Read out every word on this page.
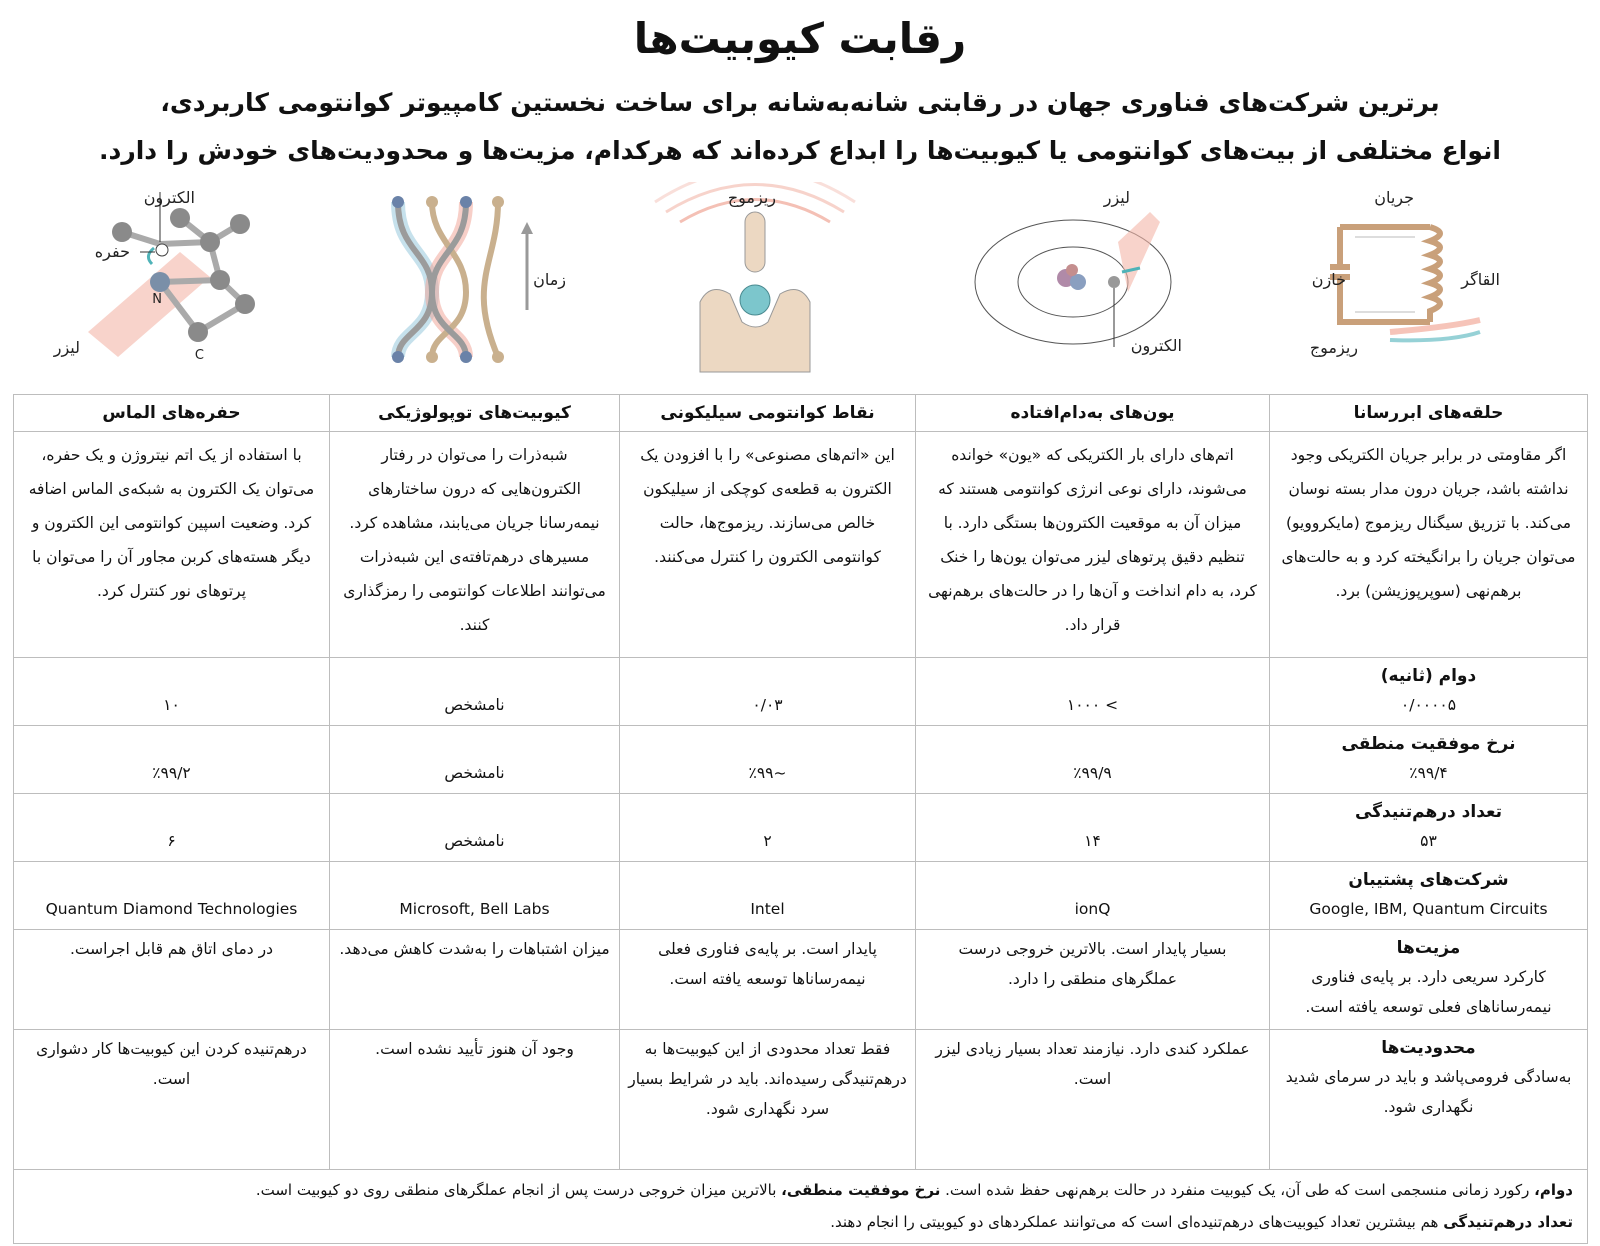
رقابت کیوبیت‌ها
برترین شرکت‌های فناوری جهان در رقابتی شانه‌به‌شانه برای ساخت نخستین کامپیوتر کوانتومی کاربردی،
انواع مختلفی از بیت‌های کوانتومی یا کیوبیت‌ها را ابداع کرده‌اند که هرکدام، مزیت‌ها و محدودیت‌های خودش را دارد.
الکترون
حفره
لیزر
N
C
زمان
ریزموج	لیزر
الکترون
جریان
خازن	القاگر
ریزموج
حلقه‌های ابررسانا	یون‌های به‌دام‌افتاده	نقاط کوانتومی سیلیکونی	کیوبیت‌های توپولوژیکی	حفره‌های الماس
اگر مقاومتی در برابر جریان الکتریکی وجود نداشته باشد، جریان درون مدار بسته نوسان می‌کند. با تزریق سیگنال ریزموج (مایکروویو) می‌توان جریان را برانگیخته کرد و به حالت‌های برهم‌نهی (سوپرپوزیشن) برد.	اتم‌های دارای بار الکتریکی که «یون» خوانده می‌شوند، دارای نوعی انرژی کوانتومی هستند که میزان آن به موقعیت الکترون‌ها بستگی دارد. با تنظیم دقیق پرتوهای لیزر می‌توان یون‌ها را خنک کرد، به دام انداخت و آن‌ها را در حالت‌های برهم‌نهی قرار داد.	این «اتم‌های مصنوعی» را با افزودن یک الکترون به قطعه‌ی کوچکی از سیلیکون خالص می‌سازند. ریزموج‌ها، حالت کوانتومی الکترون را کنترل می‌کنند.	شبه‌ذرات را می‌توان در رفتار الکترون‌هایی که درون ساختارهای نیمه‌رسانا جریان می‌یابند، مشاهده کرد. مسیرهای درهم‌تافته‌ی این شبه‌ذرات می‌توانند اطلاعات کوانتومی را رمزگذاری کنند.	با استفاده از یک اتم نیتروژن و یک حفره، می‌توان یک الکترون به شبکه‌ی الماس اضافه کرد. وضعیت اسپین کوانتومی این الکترون و دیگر هسته‌های کربن مجاور آن را می‌توان با پرتوهای نور کنترل کرد.

دوام (ثانیه)
۰/۰۰۰۰۵	> ۱۰۰۰	۰/۰۳	نامشخص	۱۰

نرخ موفقیت منطقی
٪۹۹/۴	٪۹۹/۹	~٪۹۹	نامشخص	٪۹۹/۲

تعداد درهم‌تنیدگی
۵۳	۱۴	۲	نامشخص	۶

شرکت‌های پشتیبان
Google, IBM, Quantum Circuits	ionQ	Intel	Microsoft, Bell Labs	Quantum Diamond Technologies

مزیت‌ها
کارکرد سریعی دارد. بر پایه‌ی فناوری نیمه‌رساناهای فعلی توسعه یافته است.	بسیار پایدار است. بالاترین خروجی درست عملگرهای منطقی را دارد.	پایدار است. بر پایه‌ی فناوری فعلی نیمه‌رساناها توسعه یافته است.	میزان اشتباهات را به‌شدت کاهش می‌دهد.	در دمای اتاق هم قابل اجراست.

محدودیت‌ها
به‌سادگی فرومی‌پاشد و باید در سرمای شدید نگهداری شود.	عملکرد کندی دارد. نیازمند تعداد بسیار زیادی لیزر است.	فقط تعداد محدودی از این کیوبیت‌ها به درهم‌تنیدگی رسیده‌اند. باید در شرایط بسیار سرد نگهداری شود.	وجود آن هنوز تأیید نشده است.	درهم‌تنیده کردن این کیوبیت‌ها کار دشواری است.

دوام، رکورد زمانی منسجمی است که طی آن، یک کیوبیت منفرد در حالت برهم‌نهی حفظ شده است. نرخ موفقیت منطقی، بالاترین میزان خروجی درست پس از انجام عملگرهای منطقی روی دو کیوبیت است.
تعداد درهم‌تنیدگی هم بیشترین تعداد کیوبیت‌های درهم‌تنیده‌ای است که می‌توانند عملکردهای دو کیوبیتی را انجام دهند.				
